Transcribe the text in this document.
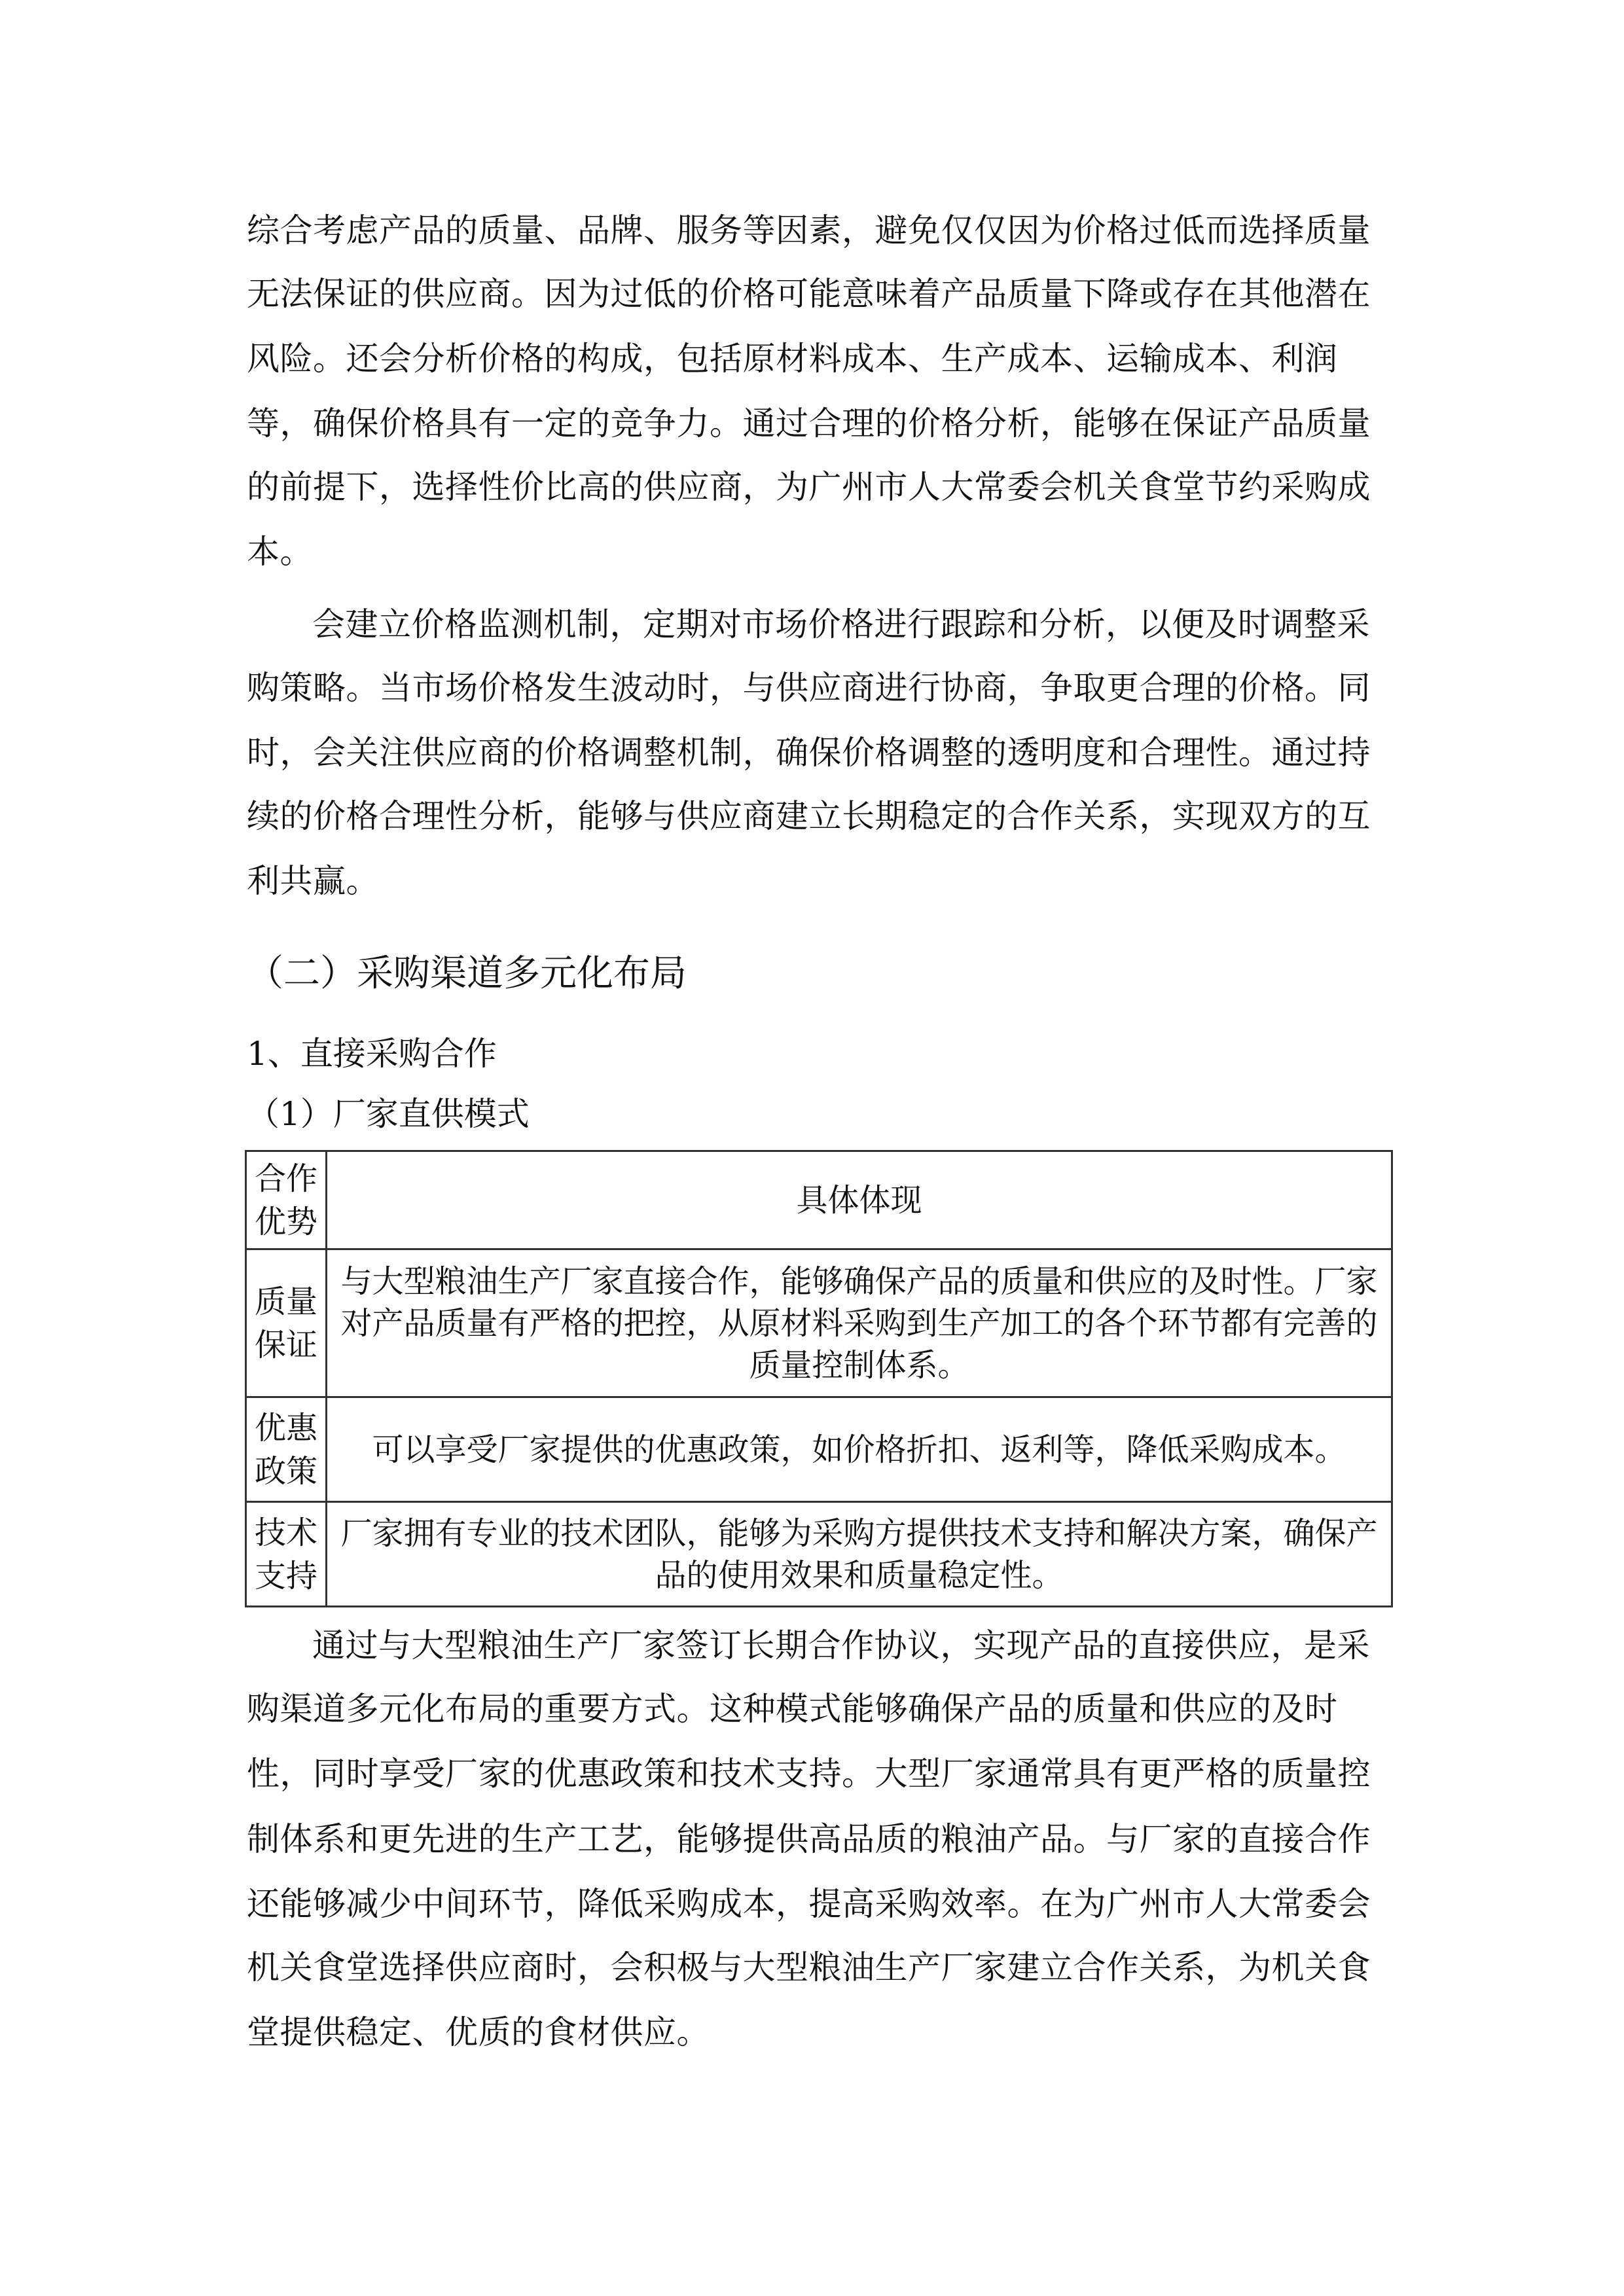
综合考虑产品的质量、品牌、服务等因素，避免仅仅因为价格过低而选择质量
无法保证的供应商。因为过低的价格可能意味着产品质量下降或存在其他潜在
风险。还会分析价格的构成，包括原材料成本、生产成本、运输成本、利润
等，确保价格具有一定的竞争力。通过合理的价格分析，能够在保证产品质量
的前提下，选择性价比高的供应商，为广州市人大常委会机关食堂节约采购成
本。
会建立价格监测机制，定期对市场价格进行跟踪和分析，以便及时调整采
购策略。当市场价格发生波动时，与供应商进行协商，争取更合理的价格。同
时，会关注供应商的价格调整机制，确保价格调整的透明度和合理性。通过持
续的价格合理性分析，能够与供应商建立长期稳定的合作关系，实现双方的互
利共赢。
（二）采购渠道多元化布局
1、直接采购合作
（1）厂家直供模式
合作
优势	具体体现
质量
保证	与大型粮油生产厂家直接合作，能够确保产品的质量和供应的及时性。厂家对产品质量有严格的把控，从原材料采购到生产加工的各个环节都有完善的质量控制体系。
优惠
政策	可以享受厂家提供的优惠政策，如价格折扣、返利等，降低采购成本。
技术
支持	厂家拥有专业的技术团队，能够为采购方提供技术支持和解决方案，确保产品的使用效果和质量稳定性。
通过与大型粮油生产厂家签订长期合作协议，实现产品的直接供应，是采
购渠道多元化布局的重要方式。这种模式能够确保产品的质量和供应的及时
性，同时享受厂家的优惠政策和技术支持。大型厂家通常具有更严格的质量控
制体系和更先进的生产工艺，能够提供高品质的粮油产品。与厂家的直接合作
还能够减少中间环节，降低采购成本，提高采购效率。在为广州市人大常委会
机关食堂选择供应商时，会积极与大型粮油生产厂家建立合作关系，为机关食
堂提供稳定、优质的食材供应。
